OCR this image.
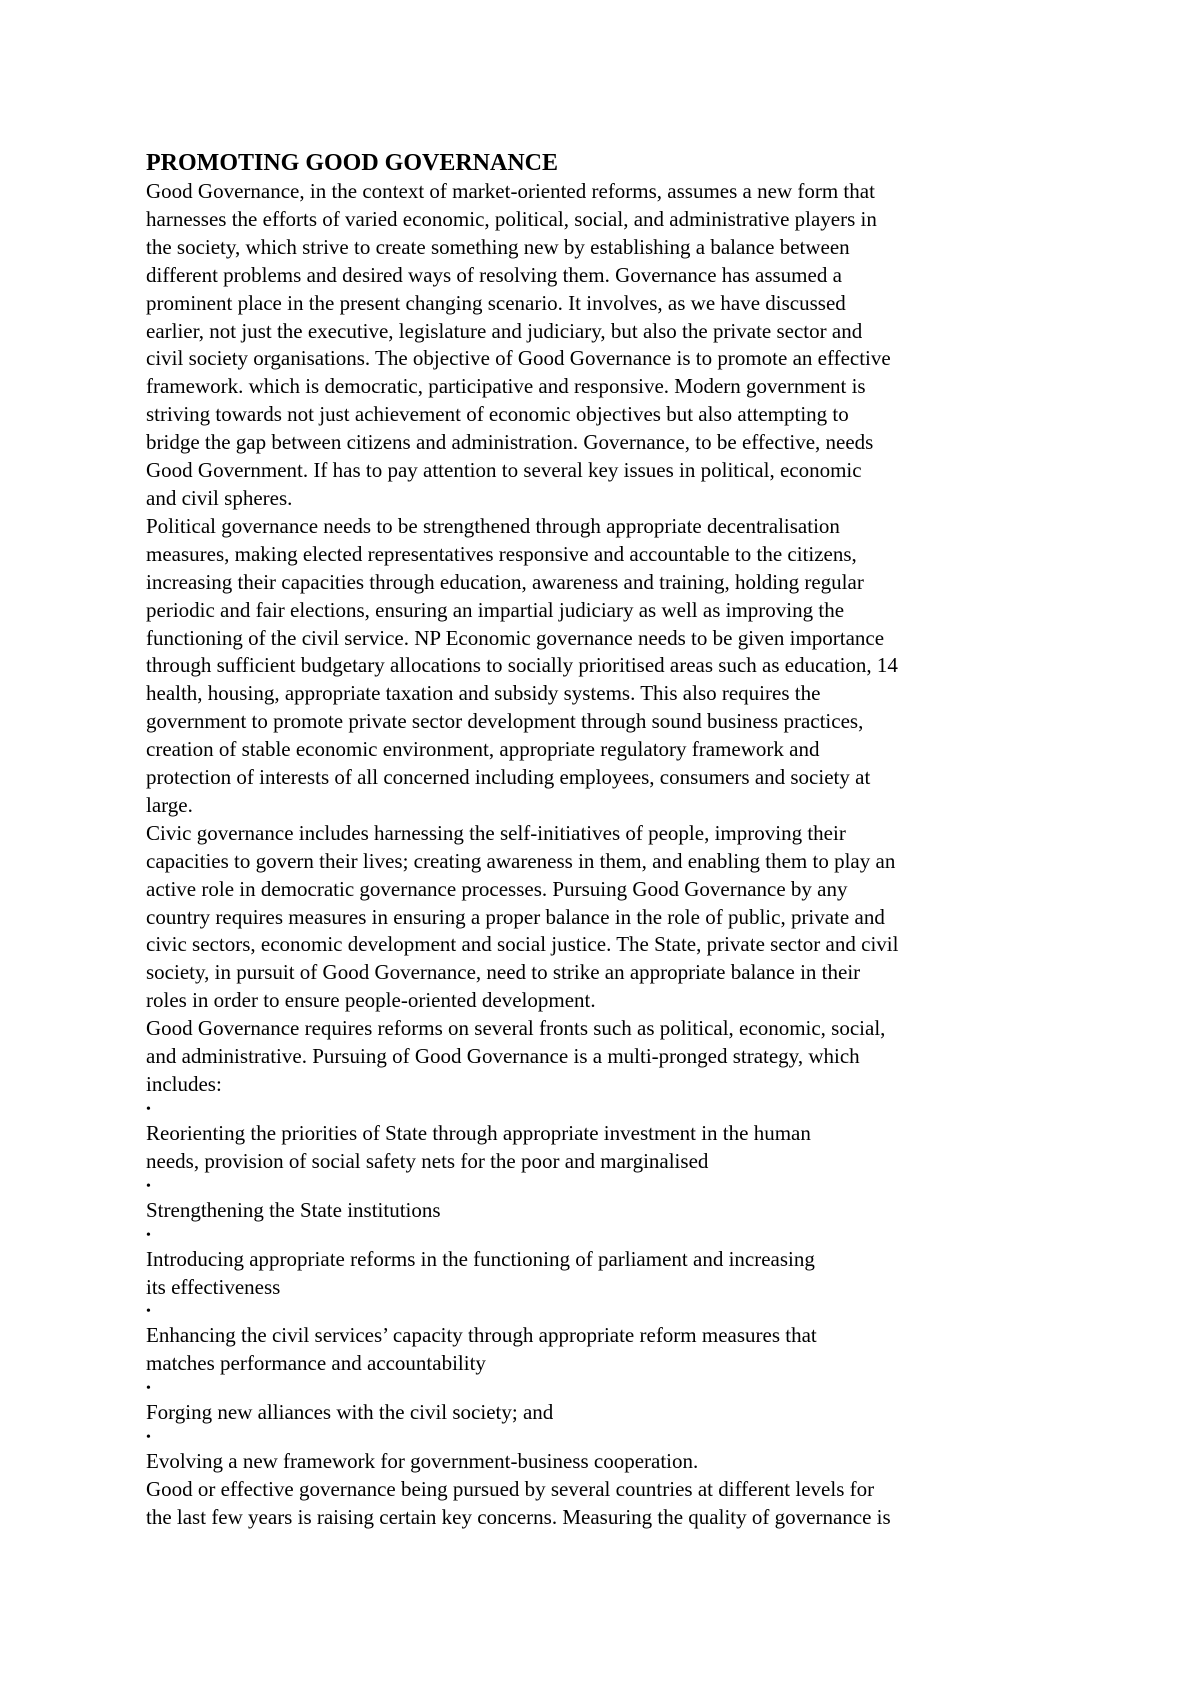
PROMOTING GOOD GOVERNANCE

Good Governance, in the context of market-oriented reforms, assumes a new form that
harnesses the efforts of varied economic, political, social, and administrative players in
the society, which strive to create something new by establishing a balance between
different problems and desired ways of resolving them. Governance has assumed a
prominent place in the present changing scenario. It involves, as we have discussed
earlier, not just the executive, legislature and judiciary, but also the private sector and
civil society organisations. The objective of Good Governance is to promote an effective
framework. which is democratic, participative and responsive. Modern government is
striving towards not just achievement of economic objectives but also attempting to
bridge the gap between citizens and administration. Governance, to be effective, needs
Good Government. If has to pay attention to several key issues in political, economic
and civil spheres.

Political governance needs to be strengthened through appropriate decentralisation
measures, making elected representatives responsive and accountable to the citizens,
increasing their capacities through education, awareness and training, holding regular
periodic and fair elections, ensuring an impartial judiciary as well as improving the
functioning of the civil service. NP Economic governance needs to be given importance
through sufficient budgetary allocations to socially prioritised areas such as education, 14
health, housing, appropriate taxation and subsidy systems. This also requires the
government to promote private sector development through sound business practices,
creation of stable economic environment, appropriate regulatory framework and
protection of interests of all concerned including employees, consumers and society at
large.

Civic governance includes harnessing the self-initiatives of people, improving their
capacities to govern their lives; creating awareness in them, and enabling them to play an
active role in democratic governance processes. Pursuing Good Governance by any
country requires measures in ensuring a proper balance in the role of public, private and
civic sectors, economic development and social justice. The State, private sector and civil
society, in pursuit of Good Governance, need to strike an appropriate balance in their
roles in order to ensure people-oriented development.

Good Governance requires reforms on several fronts such as political, economic, social,
and administrative. Pursuing of Good Governance is a multi-pronged strategy, which
includes:

•
Reorienting the priorities of State through appropriate investment in the human
needs, provision of social safety nets for the poor and marginalised
•
Strengthening the State institutions
•
Introducing appropriate reforms in the functioning of parliament and increasing
its effectiveness
•
Enhancing the civil services’ capacity through appropriate reform measures that
matches performance and accountability
•
Forging new alliances with the civil society; and
•
Evolving a new framework for government-business cooperation.

Good or effective governance being pursued by several countries at different levels for
the last few years is raising certain key concerns. Measuring the quality of governance is
